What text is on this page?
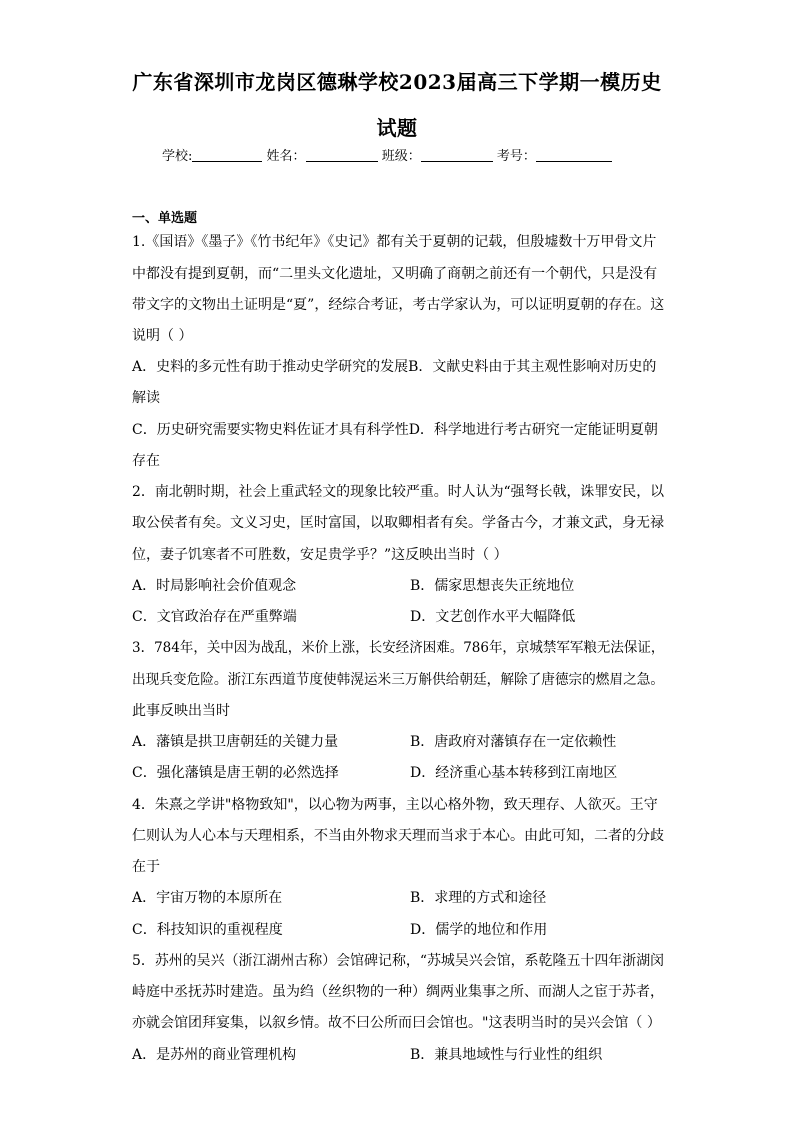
广东省深圳市龙岗区德琳学校2023届高三下学期一模历史
试题
学校:	姓名：	班级：	考号：
一、单选题
1.《国语》《墨子》《竹书纪年》《史记》都有关于夏朝的记载，但殷墟数十万甲骨文片
中都没有提到夏朝，而“二里头文化遗址，又明确了商朝之前还有一个朝代，只是没有
带文字的文物出土证明是“夏”，经综合考证，考古学家认为，可以证明夏朝的存在。这
说明（ ）
A．史料的多元性有助于推动史学研究的发展B．文献史料由于其主观性影响对历史的
解读
C．历史研究需要实物史料佐证才具有科学性D．科学地进行考古研究一定能证明夏朝
存在
2．南北朝时期，社会上重武轻文的现象比较严重。时人认为“强弩长戟，诛罪安民，以
取公侯者有矣。文义习史，匡时富国，以取卿相者有矣。学备古今，才兼文武，身无禄
位，妻子饥寒者不可胜数，安足贵学乎？”这反映出当时（ ）
A．时局影响社会价值观念	B．儒家思想丧失正统地位
C．文官政治存在严重弊端	D．文艺创作水平大幅降低
3．784年，关中因为战乱，米价上涨，长安经济困难。786年，京城禁军军粮无法保证，
出现兵变危险。浙江东西道节度使韩滉运米三万斛供给朝廷，解除了唐德宗的燃眉之急。
此事反映出当时
A．藩镇是拱卫唐朝廷的关键力量	B．唐政府对藩镇存在一定依赖性
C．强化藩镇是唐王朝的必然选择	D．经济重心基本转移到江南地区
4．朱熹之学讲"格物致知"，以心物为两事，主以心格外物，致天理存、人欲灭。王守
仁则认为人心本与天理相系，不当由外物求天理而当求于本心。由此可知，二者的分歧
在于
A．宇宙万物的本原所在	B．求理的方式和途径
C．科技知识的重视程度	D．儒学的地位和作用
5．苏州的吴兴（浙江湖州古称）会馆碑记称，“苏城吴兴会馆，系乾隆五十四年浙湖闵
峙庭中丞抚苏时建造。虽为绉（丝织物的一种）绸两业集事之所、而湖人之宦于苏者，
亦就会馆团拜宴集，以叙乡情。故不曰公所而曰会馆也。"这表明当时的吴兴会馆（ ）
A．是苏州的商业管理机构	B．兼具地域性与行业性的组织
